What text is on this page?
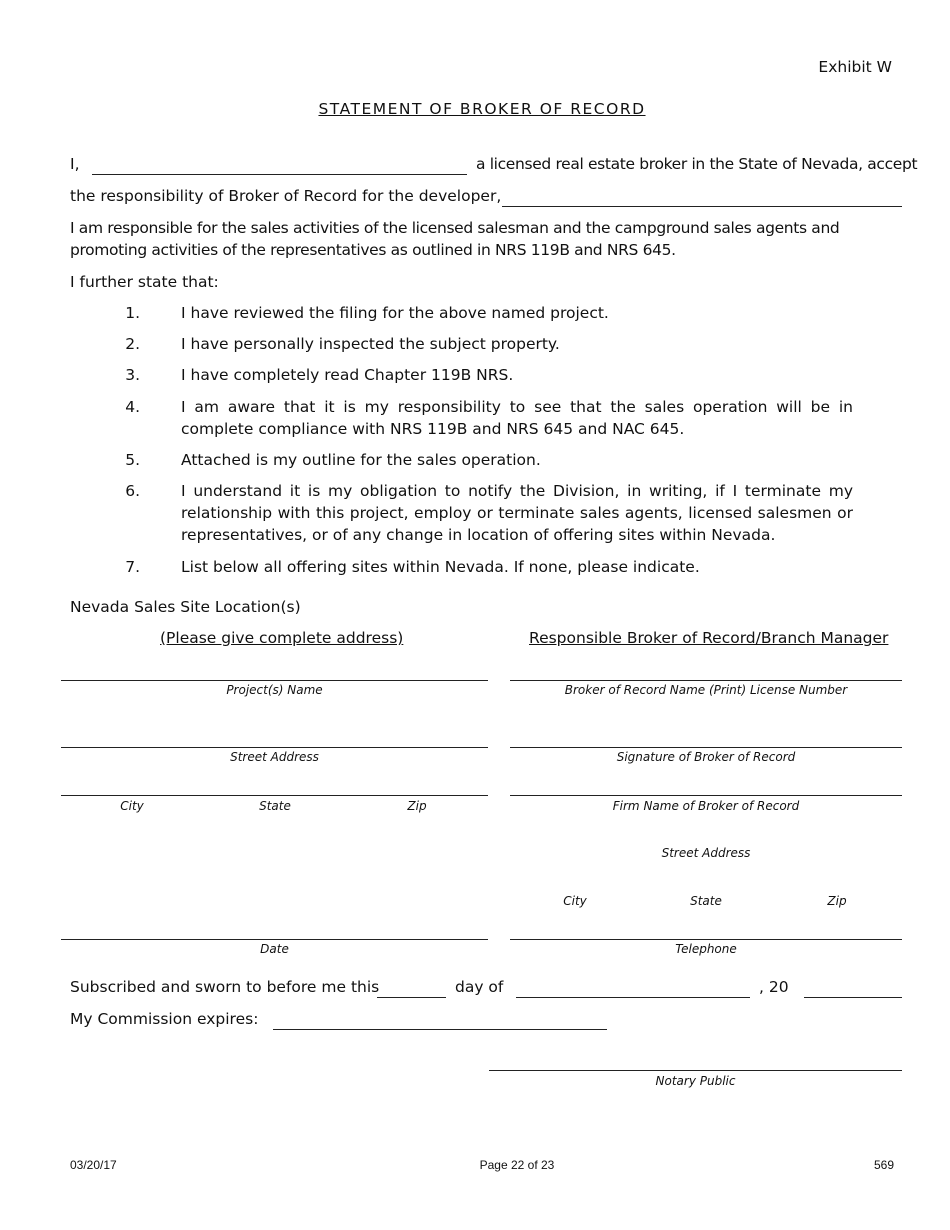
Exhibit W
STATEMENT OF BROKER OF RECORD
I,	a licensed real estate broker in the State of Nevada, accept
the responsibility of Broker of Record for the developer,
I am responsible for the sales activities of the licensed salesman and the campground sales agents and promoting activities of the representatives as outlined in NRS 119B and NRS 645.
I further state that:
1.	I have reviewed the filing for the above named project.
2.	I have personally inspected the subject property.
3.	I have completely read Chapter 119B NRS.
4.	I am aware that it is my responsibility to see that the sales operation will be in complete compliance with NRS 119B and NRS 645 and NAC 645.
5.	Attached is my outline for the sales operation.
6.	I understand it is my obligation to notify the Division, in writing, if I terminate my relationship with this project, employ or terminate sales agents, licensed salesmen or representatives, or of any change in location of offering sites within Nevada.
7.	List below all offering sites within Nevada. If none, please indicate.
Nevada Sales Site Location(s)
(Please give complete address)	Responsible Broker of Record/Branch Manager
Project(s) Name
Street Address
City	State	Zip
Date
Broker of Record Name (Print) License Number
Signature of Broker of Record
Firm Name of Broker of Record
Street Address
City	State	Zip
Telephone
Subscribed and sworn to before me this	day of	, 20
My Commission expires:
Notary Public
03/20/17	Page 22 of 23	569
